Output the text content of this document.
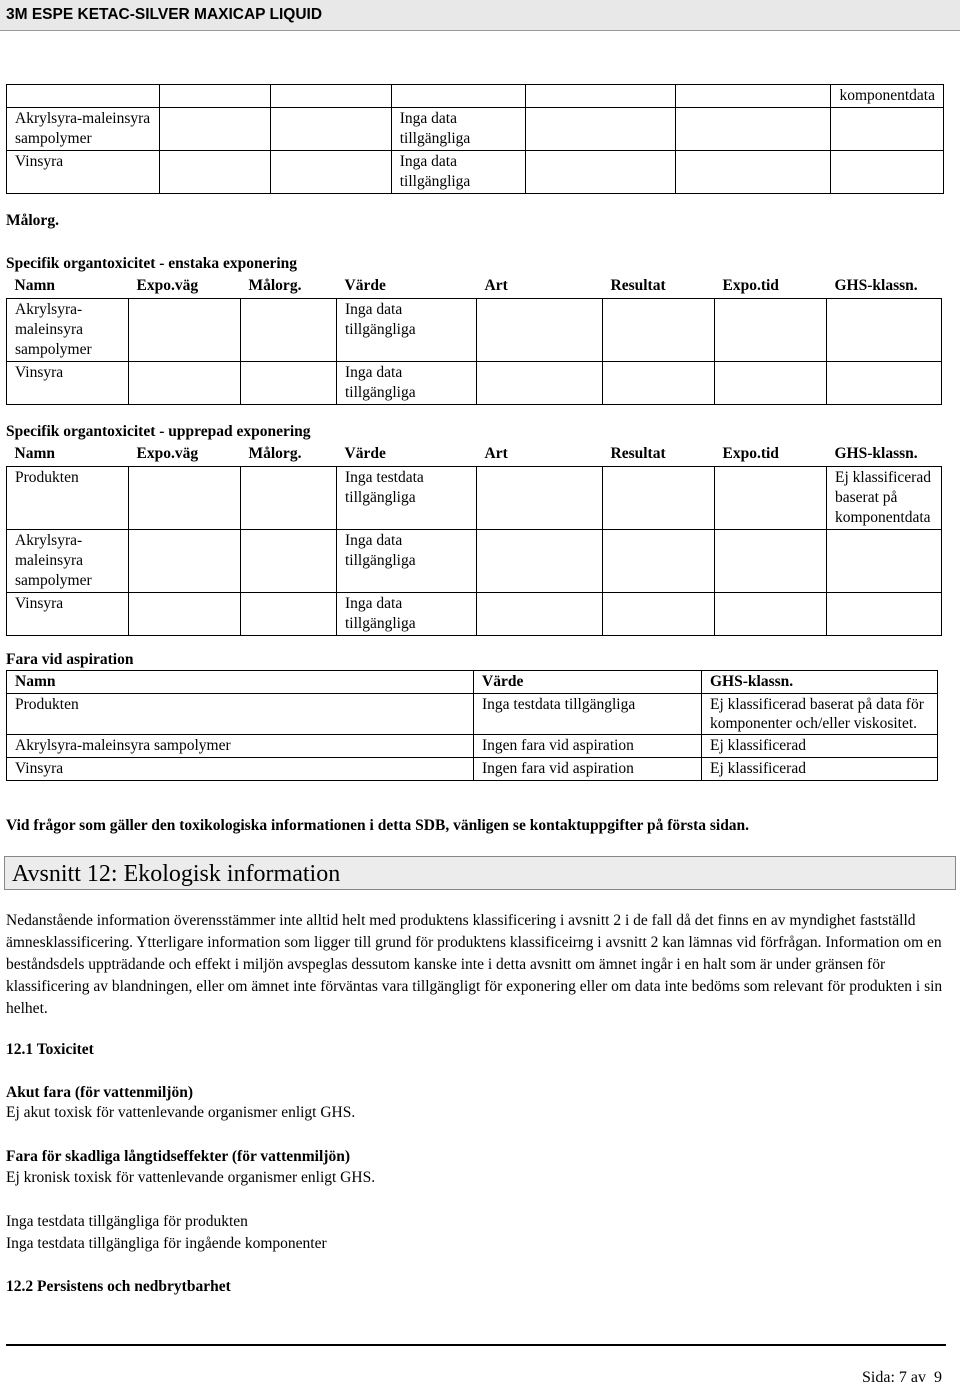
3M ESPE KETAC-SILVER MAXICAP LIQUID
						komponentdata
Akrylsyra-maleinsyra sampolymer			Inga data tillgängliga			
Vinsyra			Inga data tillgängliga			
Målorg.
Specifik organtoxicitet - enstaka exponering
Namn	Expo.väg	Målorg.	Värde	Art	Resultat	Expo.tid	GHS-klassn.
Akrylsyra-maleinsyra sampolymer			Inga data tillgängliga				
Vinsyra			Inga data tillgängliga				
Specifik organtoxicitet - upprepad exponering
Namn	Expo.väg	Målorg.	Värde	Art	Resultat	Expo.tid	GHS-klassn.
Produkten			Inga testdata tillgängliga				Ej klassificerad baserat på komponentdata
Akrylsyra-maleinsyra sampolymer			Inga data tillgängliga				
Vinsyra			Inga data tillgängliga				
Fara vid aspiration
Namn	Värde	GHS-klassn.
Produkten	Inga testdata tillgängliga	Ej klassificerad baserat på data för komponenter och/eller viskositet.
Akrylsyra-maleinsyra sampolymer	Ingen fara vid aspiration	Ej klassificerad
Vinsyra	Ingen fara vid aspiration	Ej klassificerad
Vid frågor som gäller den toxikologiska informationen i detta SDB, vänligen se kontaktuppgifter på första sidan.
Avsnitt 12: Ekologisk information
Nedanstående information överensstämmer inte alltid helt med produktens klassificering i avsnitt 2 i de fall då det finns en av myndighet fastställd ämnesklassificering. Ytterligare information som ligger till grund för produktens klassificeirng i avsnitt 2 kan lämnas vid förfrågan. Information om en beståndsdels uppträdande och effekt i miljön avspeglas dessutom kanske inte i detta avsnitt om ämnet ingår i en halt som är under gränsen för klassificering av blandningen, eller om ämnet inte förväntas vara tillgängligt för exponering eller om data inte bedöms som relevant för produkten i sin helhet.
12.1 Toxicitet
Akut fara (för vattenmiljön)
Ej akut toxisk för vattenlevande organismer enligt GHS.
Fara för skadliga långtidseffekter (för vattenmiljön)
Ej kronisk toxisk för vattenlevande organismer enligt GHS.
Inga testdata tillgängliga för produkten
Inga testdata tillgängliga för ingående komponenter
12.2 Persistens och nedbrytbarhet
Sida: 7 av  9
